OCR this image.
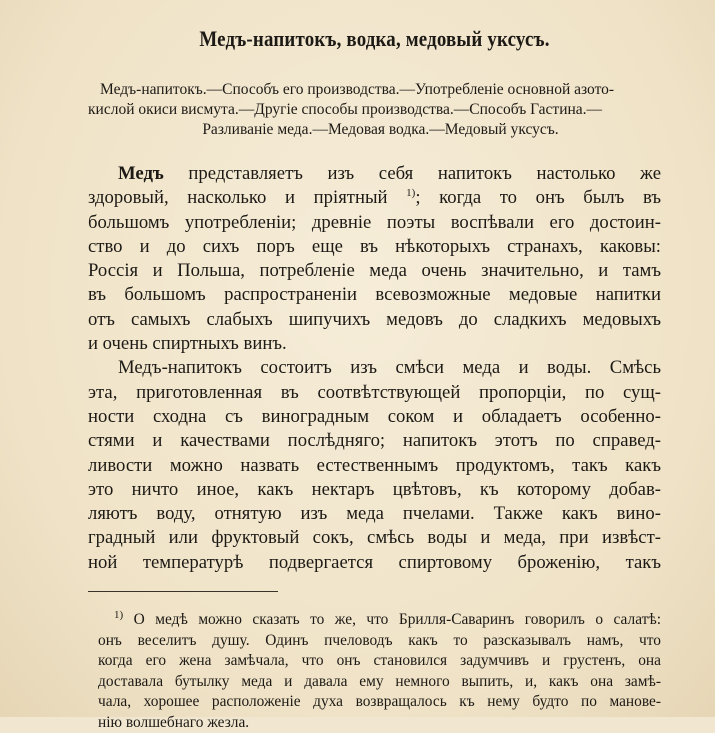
Медъ-напитокъ, водка, медовый уксусъ.
Медъ-напитокъ.—Способъ его производства.—Употребленіе основной азото-
кислой окиси висмута.—Другіе способы производства.—Способъ Гастина.—
Разливаніе меда.—Медовая водка.—Медовый уксусъ.

Медъ представляетъ изъ себя напитокъ настолько же
здоровый, насколько и пріятный $^{1)}$; когда то онъ былъ въ
большомъ употребленіи; древніе поэты воспѣвали его достоин-
ство и до сихъ поръ еще въ нѣкоторыхъ странахъ, каковы:
Россія и Польша, потребленіе меда очень значительно, и тамъ
въ большомъ распространеніи всевозможные медовые напитки
отъ самыхъ слабыхъ шипучихъ медовъ до сладкихъ медовыхъ
и очень спиртныхъ винъ.

Медъ-напитокъ состоитъ изъ смѣси меда и воды. Смѣсь
эта, приготовленная въ соотвѣтствующей пропорціи, по сущ-
ности сходна съ виноградным соком и обладаетъ особенно-
стями и качествами послѣдняго; напитокъ этотъ по справед-
ливости можно назвать естественнымъ продуктомъ, такъ какъ
это ничто иное, какъ нектаръ цвѣтовъ, къ которому добав-
ляютъ воду, отнятую изъ меда пчелами. Также какъ вино-
градный или фруктовый сокъ, смѣсь воды и меда, при извѣст-
ной температурѣ подвергается спиртовому броженію, такъ

$^{1)}$ О медѣ можно сказать то же, что Брилля-Саваринъ говорилъ о салатѣ:
онъ веселитъ душу. Одинъ пчеловодъ какъ то разсказывалъ намъ, что
когда его жена замѣчала, что онъ становился задумчивъ и грустенъ, она
доставала бутылку меда и давала ему немного выпить, и, какъ она замѣ-
чала, хорошее расположеніе духа возвращалось къ нему будто по манове-
нію волшебнаго жезла.
